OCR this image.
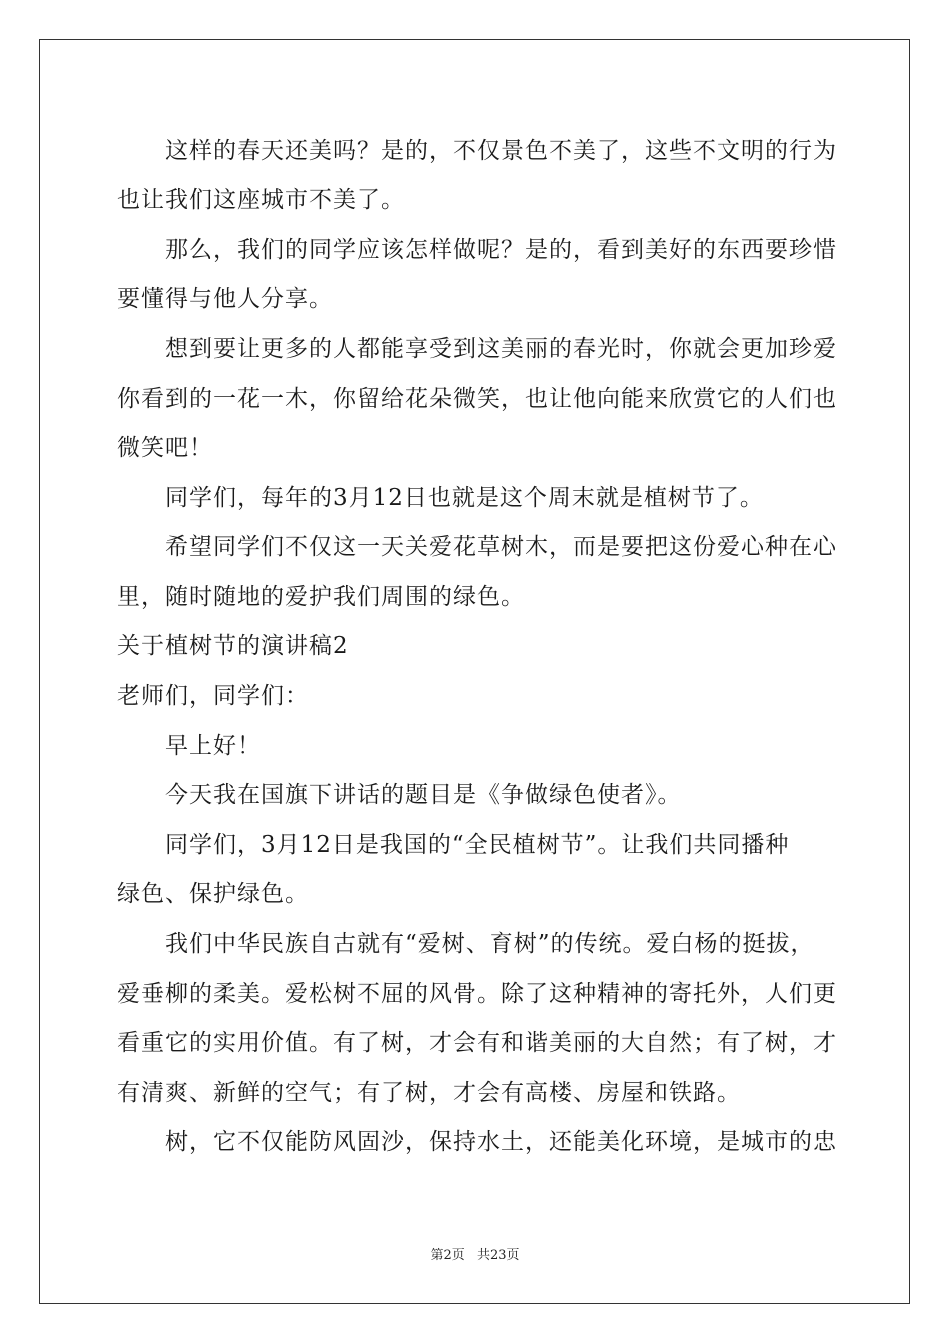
这样的春天还美吗？是的，不仅景色不美了，这些不文明的行为
也让我们这座城市不美了。
那么，我们的同学应该怎样做呢？是的，看到美好的东西要珍惜
要懂得与他人分享。
想到要让更多的人都能享受到这美丽的春光时，你就会更加珍爱
你看到的一花一木，你留给花朵微笑，也让他向能来欣赏它的人们也
微笑吧！
同学们，每年的3月12日也就是这个周末就是植树节了。
希望同学们不仅这一天关爱花草树木，而是要把这份爱心种在心
里，随时随地的爱护我们周围的绿色。
关于植树节的演讲稿2
老师们，同学们：
早上好！
今天我在国旗下讲话的题目是《争做绿色使者》。
同学们，3月12日是我国的“全民植树节”。让我们共同播种
绿色、保护绿色。
我们中华民族自古就有“爱树、育树”的传统。爱白杨的挺拔，
爱垂柳的柔美。爱松树不屈的风骨。除了这种精神的寄托外，人们更
看重它的实用价值。有了树，才会有和谐美丽的大自然；有了树，才
有清爽、新鲜的空气；有了树，才会有高楼、房屋和铁路。
树，它不仅能防风固沙，保持水土，还能美化环境，是城市的忠
第2页 共23页
